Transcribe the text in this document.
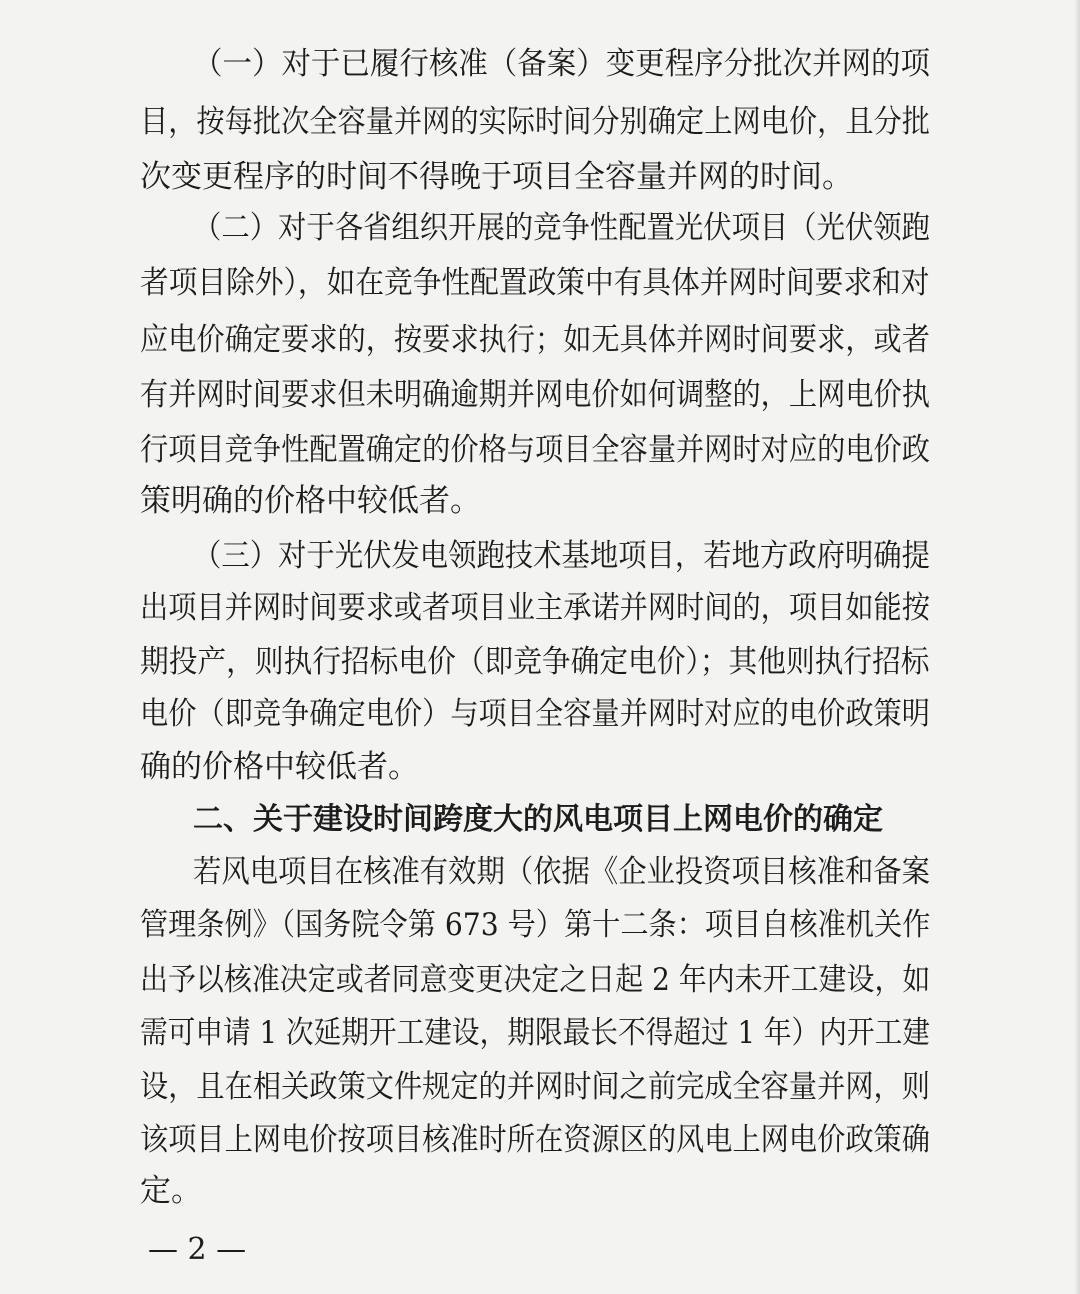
（一）对于已履行核准（备案）变更程序分批次并网的项
目，按每批次全容量并网的实际时间分别确定上网电价，且分批
次变更程序的时间不得晚于项目全容量并网的时间。
（二）对于各省组织开展的竞争性配置光伏项目（光伏领跑
者项目除外），如在竞争性配置政策中有具体并网时间要求和对
应电价确定要求的，按要求执行；如无具体并网时间要求，或者
有并网时间要求但未明确逾期并网电价如何调整的，上网电价执
行项目竞争性配置确定的价格与项目全容量并网时对应的电价政
策明确的价格中较低者。
（三）对于光伏发电领跑技术基地项目，若地方政府明确提
出项目并网时间要求或者项目业主承诺并网时间的，项目如能按
期投产，则执行招标电价（即竞争确定电价）；其他则执行招标
电价（即竞争确定电价）与项目全容量并网时对应的电价政策明
确的价格中较低者。
二、关于建设时间跨度大的风电项目上网电价的确定
若风电项目在核准有效期（依据《企业投资项目核准和备案
管理条例》（国务院令第 673 号）第十二条：项目自核准机关作
出予以核准决定或者同意变更决定之日起 2 年内未开工建设，如
需可申请 1 次延期开工建设，期限最长不得超过 1 年）内开工建
设，且在相关政策文件规定的并网时间之前完成全容量并网，则
该项目上网电价按项目核准时所在资源区的风电上网电价政策确
定。
— 2 —
